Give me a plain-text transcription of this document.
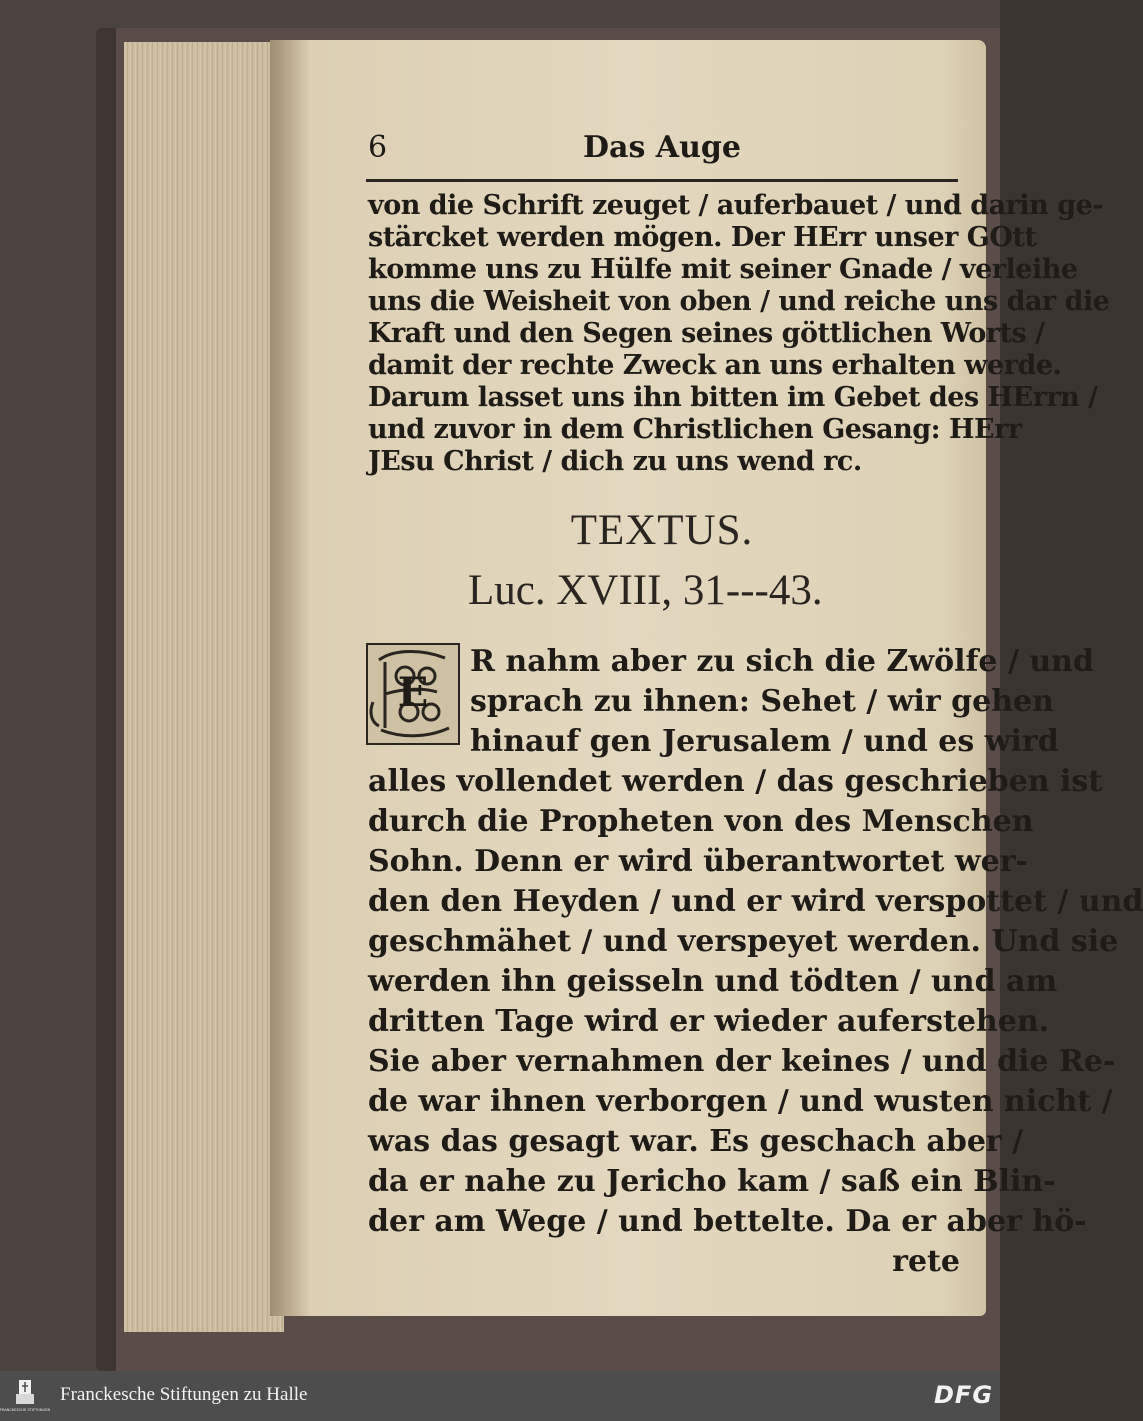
6	Das Auge
von die Schrift zeuget / auferbauet / und darin ge-
stärcket werden mögen. Der HErr unser GOtt
komme uns zu Hülfe mit seiner Gnade / verleihe
uns die Weisheit von oben / und reiche uns dar die
Kraft und den Segen seines göttlichen Worts /
damit der rechte Zweck an uns erhalten werde.
Darum lasset uns ihn bitten im Gebet des HErrn /
und zuvor in dem Christlichen Gesang: HErr
JEsu Christ / dich zu uns wend rc.
TEXTUS.
Luc. XVIII, 31---43.
E
R nahm aber zu sich die Zwölfe / und
sprach zu ihnen: Sehet / wir gehen
hinauf gen Jerusalem / und es wird
alles vollendet werden / das geschrieben ist
durch die Propheten von des Menschen
Sohn. Denn er wird überantwortet wer-
den den Heyden / und er wird verspottet / und
geschmähet / und verspeyet werden. Und sie
werden ihn geisseln und tödten / und am
dritten Tage wird er wieder auferstehen.
Sie aber vernahmen der keines / und die Re-
de war ihnen verborgen / und wusten nicht /
was das gesagt war. Es geschach aber /
da er nahe zu Jericho kam / saß ein Blin-
der am Wege / und bettelte. Da er aber hö-
rete
FRANCKESCHE STIFTUNGEN
Franckesche Stiftungen zu Halle	DFG
